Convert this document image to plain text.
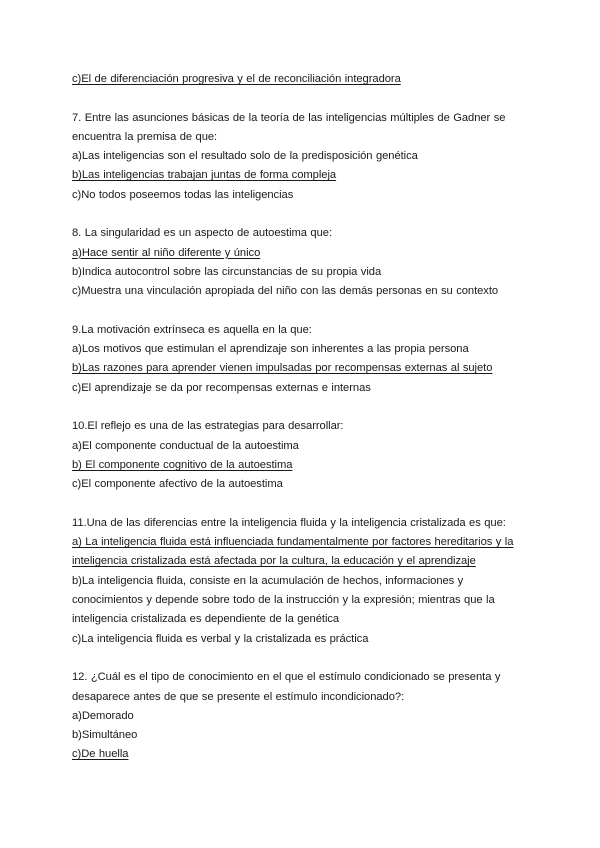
c)El de diferenciación progresiva y el de reconciliación integradora
7. Entre las asunciones básicas de la teoría de las inteligencias múltiples de Gadner se
encuentra la premisa de que:
a)Las inteligencias son el resultado solo de la predisposición genética
b)Las inteligencias trabajan juntas de forma compleja
c)No todos poseemos todas las inteligencias
8. La singularidad es un aspecto de autoestima que:
a)Hace sentir al niño diferente y único
b)Indica autocontrol sobre las circunstancias de su propia vida
c)Muestra una vinculación apropiada del niño con las demás personas en su contexto
9.La motivación extrínseca es aquella en la que:
a)Los motivos que estimulan el aprendizaje son inherentes a las propia persona
b)Las razones para aprender vienen impulsadas por recompensas externas al sujeto
c)El aprendizaje se da por recompensas externas e internas
10.El reflejo es una de las estrategias para desarrollar:
a)El componente conductual de la autoestima
b) El componente cognitivo de la autoestima
c)El componente afectivo de la autoestima
11.Una de las diferencias entre la inteligencia fluida y la inteligencia cristalizada es que:
a) La inteligencia fluida está influenciada fundamentalmente por factores hereditarios y la
inteligencia cristalizada está afectada por la cultura, la educación y el aprendizaje
b)La inteligencia fluida, consiste en la acumulación de hechos, informaciones y
conocimientos y depende sobre todo de la instrucción y la expresión; mientras que la
inteligencia cristalizada es dependiente de la genética
c)La inteligencia fluida es verbal y la cristalizada es práctica
12. ¿Cuál es el tipo de conocimiento en el que el estímulo condicionado se presenta y
desaparece antes de que se presente el estímulo incondicionado?:
a)Demorado
b)Simultáneo
c)De huella
